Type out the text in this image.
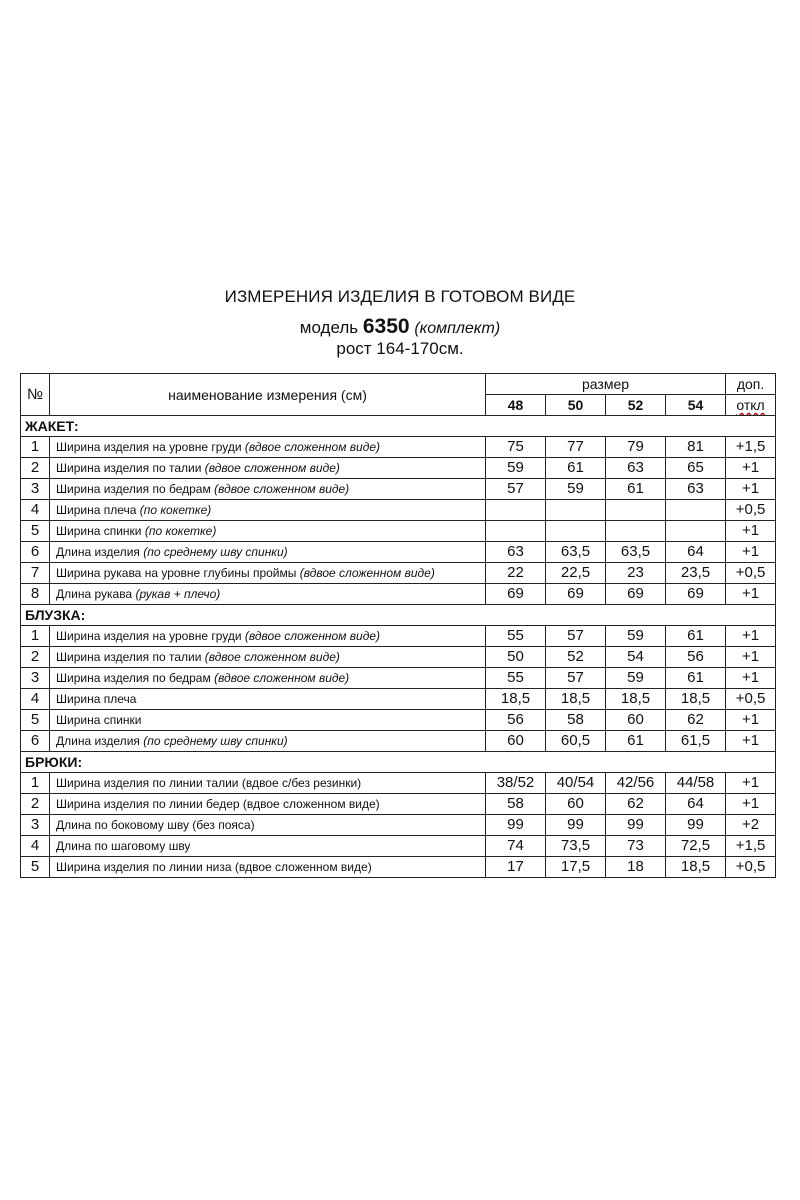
ИЗМЕРЕНИЯ ИЗДЕЛИЯ В ГОТОВОМ ВИДЕ
модель 6350 (комплект)
рост 164-170см.
№	наименование измерения (см)	размер				доп.
		48	50	52	54	откл
ЖАКЕТ:						
1	Ширина изделия на уровне груди (вдвое сложенном виде)	75	77	79	81	+1,5
2	Ширина изделия по талии (вдвое сложенном виде)	59	61	63	65	+1
3	Ширина изделия по бедрам (вдвое сложенном виде)	57	59	61	63	+1
4	Ширина плеча (по кокетке)					+0,5
5	Ширина спинки (по кокетке)					+1
6	Длина изделия (по среднему шву спинки)	63	63,5	63,5	64	+1
7	Ширина рукава на уровне глубины проймы (вдвое сложенном виде)	22	22,5	23	23,5	+0,5
8	Длина рукава (рукав + плечо)	69	69	69	69	+1
БЛУЗКА:						
1	Ширина изделия на уровне груди (вдвое сложенном виде)	55	57	59	61	+1
2	Ширина изделия по талии (вдвое сложенном виде)	50	52	54	56	+1
3	Ширина изделия по бедрам (вдвое сложенном виде)	55	57	59	61	+1
4	Ширина плеча	18,5	18,5	18,5	18,5	+0,5
5	Ширина спинки	56	58	60	62	+1
6	Длина изделия (по среднему шву спинки)	60	60,5	61	61,5	+1
БРЮКИ:						
1	Ширина изделия по линии талии (вдвое с/без резинки)	38/52	40/54	42/56	44/58	+1
2	Ширина изделия по линии бедер (вдвое сложенном виде)	58	60	62	64	+1
3	Длина по боковому шву (без пояса)	99	99	99	99	+2
4	Длина по шаговому шву	74	73,5	73	72,5	+1,5
5	Ширина изделия по линии низа (вдвое сложенном виде)	17	17,5	18	18,5	+0,5
